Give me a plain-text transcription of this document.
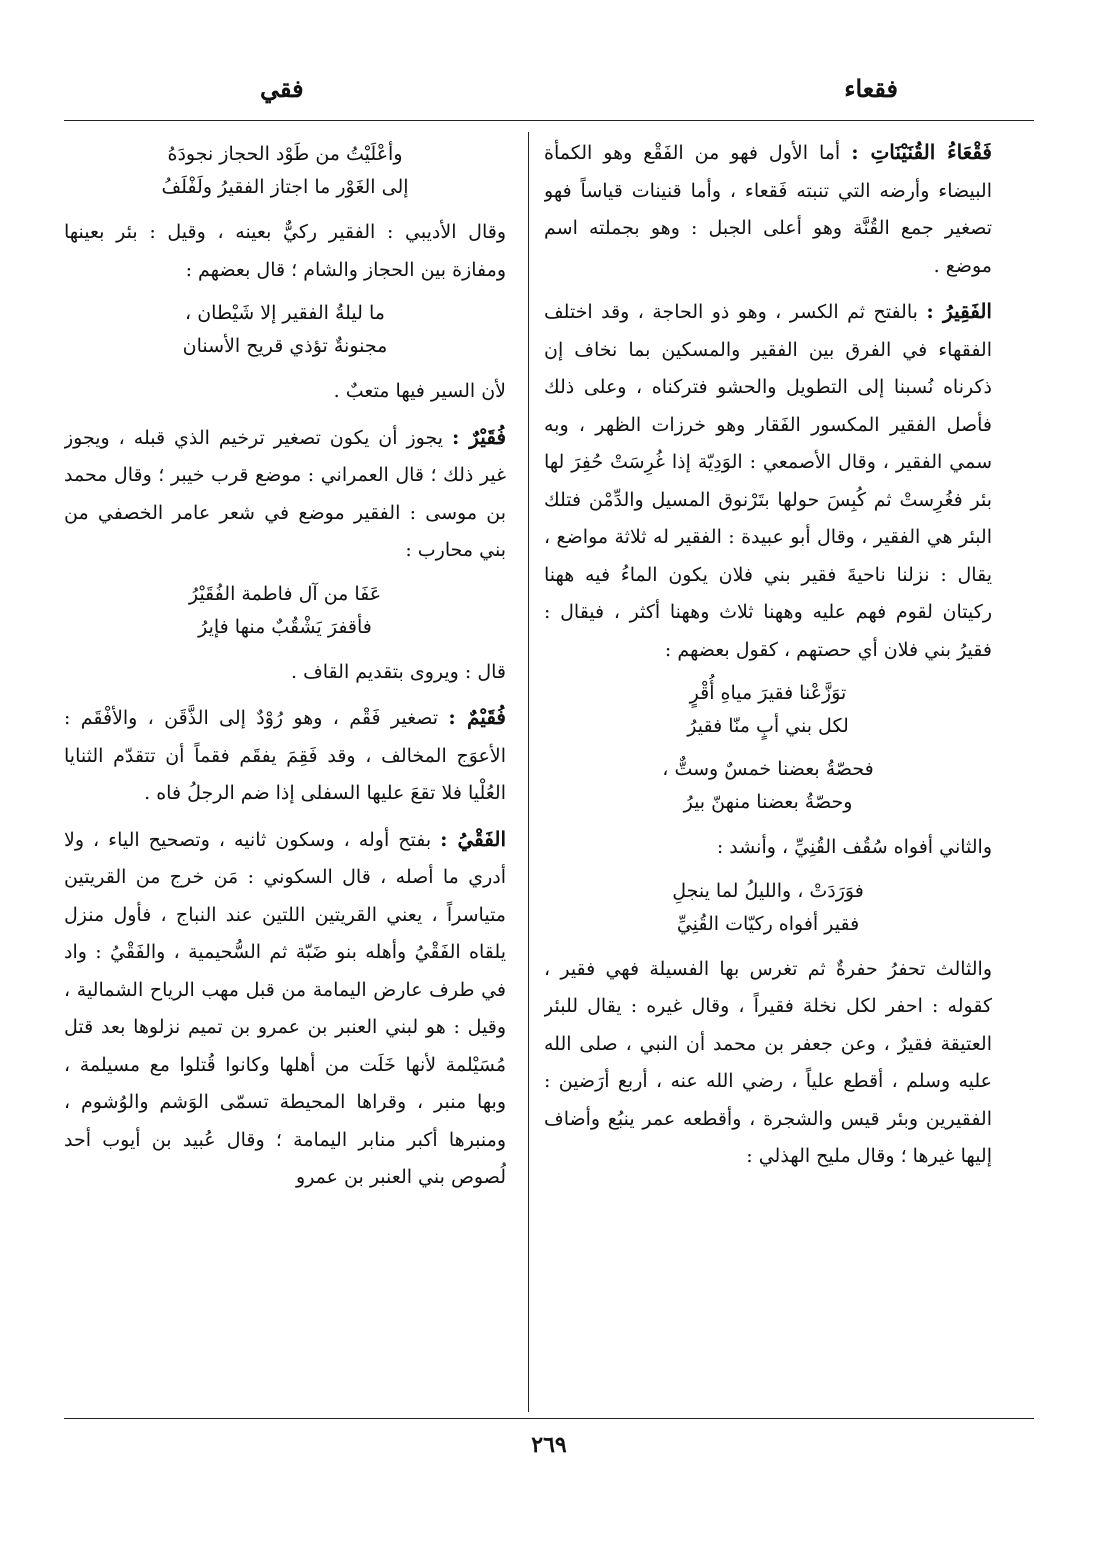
فقعاء
فقي
فَقْعَاءُ القُنَيْنَاتِ : أما الأول فهو من الفَقْع وهو الكمأة البيضاء وأرضه التي تنبته فَقعاء ، وأما قنينات قياساً فهو تصغير جمع القُنَّة وهو أعلى الجبل : وهو بجملته اسم موضع .
الفَقِيرُ : بالفتح ثم الكسر ، وهو ذو الحاجة ، وقد اختلف الفقهاء في الفرق بين الفقير والمسكين بما نخاف إن ذكرناه نُسبنا إلى التطويل والحشو فتركناه ، وعلى ذلك فأصل الفقير المكسور الفَقار وهو خرزات الظهر ، وبه سمي الفقير ، وقال الأصمعي : الوَدِيّة إذا غُرِسَتْ حُفِرَ لها بئر فغُرِستْ ثم كُبِسَ حولها بتَرْنوق المسيل والدِّمْن فتلك البئر هي الفقير ، وقال أبو عبيدة : الفقير له ثلاثة مواضع ، يقال : نزلنا ناحيةَ فقير بني فلان يكون الماءُ فيه ههنا ركيتان لقوم فهم عليه وههنا ثلاث وههنا أكثر ، فيقال : فقيرُ بني فلان أي حصتهم ، كقول بعضهم :
توَزَّعْنا فقيرَ مياهِ أُقْرٍ
لكل بني أبٍ منّا فقيرُ
فحصّةُ بعضنا خمسٌ وستٌّ ،
وحصّةُ بعضنا منهنّ بيرُ
والثاني أفواه سُقُف القُنِيِّ ، وأنشد :
فوَرَدَتْ ، والليلُ لما ينجلِ
فقير أفواه ركيّات القُنِيِّ
والثالث تحفرُ حفرةٌ ثم تغرس بها الفسيلة فهي فقير ، كقوله : احفر لكل نخلة فقيراً ، وقال غيره : يقال للبئر العتيقة فقيرٌ ، وعن جعفر بن محمد أن النبي ، صلى الله عليه وسلم ، أقطع علياً ، رضي الله عنه ، أربع أرَضين : الفقيرين وبئر قيس والشجرة ، وأقطعه عمر ينبُع وأضاف إليها غيرها ؛ وقال مليح الهذلي :
وأعْلَيْتُ من طَوْد الحجاز نجودَهُ
إلى الغَوْر ما اجتاز الفقيرُ ولَفْلَفُ
وقال الأديبي : الفقير ركيٌّ بعينه ، وقيل : بئر بعينها ومفازة بين الحجاز والشام ؛ قال بعضهم :
ما ليلةُ الفقير إلا شَيْطان ،
مجنونةٌ تؤذي قريح الأسنان
لأن السير فيها متعبٌ .
فُقَيْرٌ : يجوز أن يكون تصغير ترخيم الذي قبله ، ويجوز غير ذلك ؛ قال العمراني : موضع قرب خيبر ؛ وقال محمد بن موسى : الفقير موضع في شعر عامر الخصفي من بني محارب :
عَفَا من آل فاطمة الفُقَيْرُ
فأقفرَ يَشْقُبٌ منها فإيرُ
قال : ويروى بتقديم القاف .
فُقَيْمٌ : تصغير فَقْم ، وهو رُوْدٌ إلى الذَّقَن ، والأفْقَم : الأعوَج المخالف ، وقد فَقِمَ يفقَم فقماً أن تتقدّم الثنايا العُلْيا فلا تقعَ عليها السفلى إذا ضم الرجلُ فاه .
الفَقْيُ : بفتح أوله ، وسكون ثانيه ، وتصحيح الياء ، ولا أدري ما أصله ، قال السكوني : مَن خرج من القريتين متياسراً ، يعني القريتين اللتين عند النباج ، فأول منزل يلقاه الفَقْيُ وأهله بنو ضَبّة ثم السُّحيمية ، والفَقْيُ : واد في طرف عارض اليمامة من قبل مهب الرياح الشمالية ، وقيل : هو لبني العنبر بن عمرو بن تميم نزلوها بعد قتل مُسَيْلمة لأنها خَلَت من أهلها وكانوا قُتلوا مع مسيلمة ، وبها منبر ، وقراها المحيطة تسمّى الوَشم والوُشوم ، ومنبرها أكبر منابر اليمامة ؛ وقال عُبيد بن أيوب أحد لُصوص بني العنبر بن عمرو
٢٦٩
